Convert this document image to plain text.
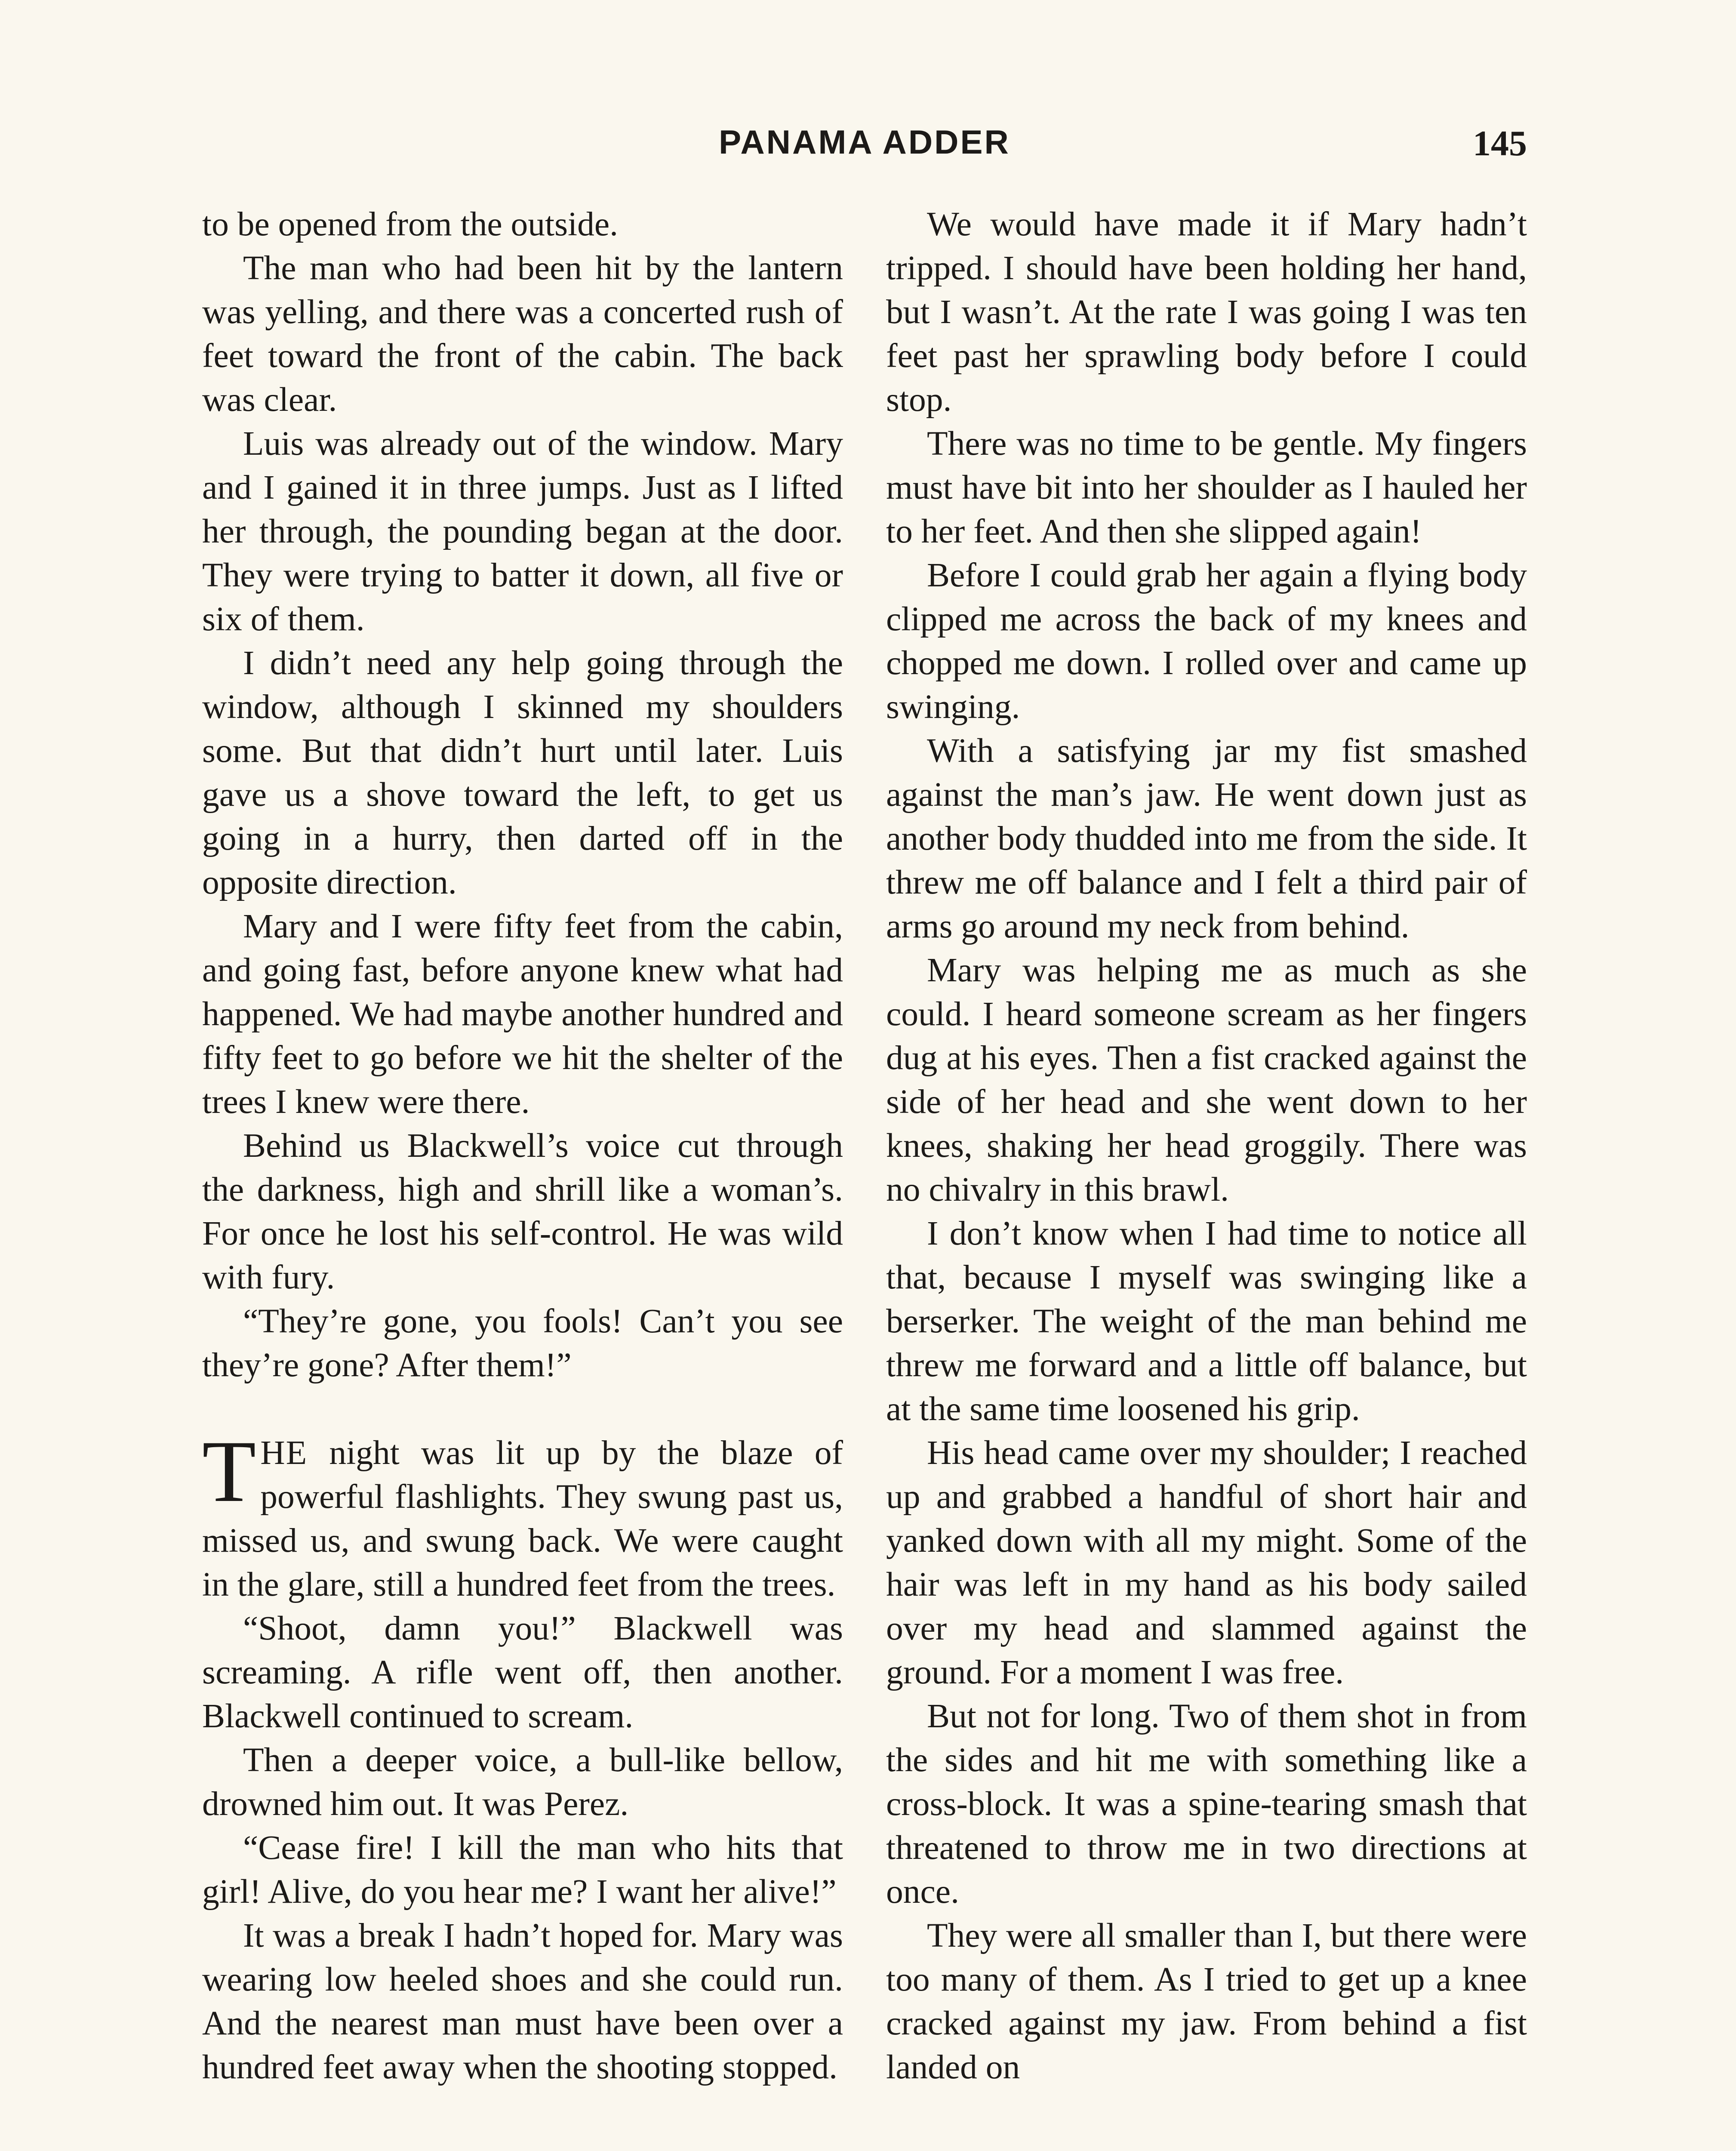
PANAMA ADDER	145

to be opened from the outside.

The man who had been hit by the lantern was yelling, and there was a concerted rush of feet toward the front of the cabin. The back was clear.

Luis was already out of the window. Mary and I gained it in three jumps. Just as I lifted her through, the pounding began at the door. They were trying to batter it down, all five or six of them.

I didn’t need any help going through the window, although I skinned my shoulders some. But that didn’t hurt until later. Luis gave us a shove toward the left, to get us going in a hurry, then darted off in the opposite direction.

Mary and I were fifty feet from the cabin, and going fast, before anyone knew what had happened. We had maybe another hundred and fifty feet to go before we hit the shelter of the trees I knew were there.

Behind us Blackwell’s voice cut through the darkness, high and shrill like a woman’s. For once he lost his self-control. He was wild with fury.

“They’re gone, you fools! Can’t you see they’re gone? After them!”

THE night was lit up by the blaze of powerful flashlights. They swung past us, missed us, and swung back. We were caught in the glare, still a hundred feet from the trees.

“Shoot, damn you!” Blackwell was screaming. A rifle went off, then another. Blackwell continued to scream.

Then a deeper voice, a bull-like bellow, drowned him out. It was Perez.

“Cease fire! I kill the man who hits that girl! Alive, do you hear me? I want her alive!”

It was a break I hadn’t hoped for. Mary was wearing low heeled shoes and she could run. And the nearest man must have been over a hundred feet away when the shooting stopped.

We would have made it if Mary hadn’t tripped. I should have been holding her hand, but I wasn’t. At the rate I was going I was ten feet past her sprawling body before I could stop.

There was no time to be gentle. My fingers must have bit into her shoulder as I hauled her to her feet. And then she slipped again!

Before I could grab her again a flying body clipped me across the back of my knees and chopped me down. I rolled over and came up swinging.

With a satisfying jar my fist smashed against the man’s jaw. He went down just as another body thudded into me from the side. It threw me off balance and I felt a third pair of arms go around my neck from behind.

Mary was helping me as much as she could. I heard someone scream as her fingers dug at his eyes. Then a fist cracked against the side of her head and she went down to her knees, shaking her head groggily. There was no chivalry in this brawl.

I don’t know when I had time to notice all that, because I myself was swinging like a berserker. The weight of the man behind me threw me forward and a little off balance, but at the same time loosened his grip.

His head came over my shoulder; I reached up and grabbed a handful of short hair and yanked down with all my might. Some of the hair was left in my hand as his body sailed over my head and slammed against the ground. For a moment I was free.

But not for long. Two of them shot in from the sides and hit me with something like a cross-block. It was a spine-tearing smash that threatened to throw me in two directions at once.

They were all smaller than I, but there were too many of them. As I tried to get up a knee cracked against my jaw. From behind a fist landed on
